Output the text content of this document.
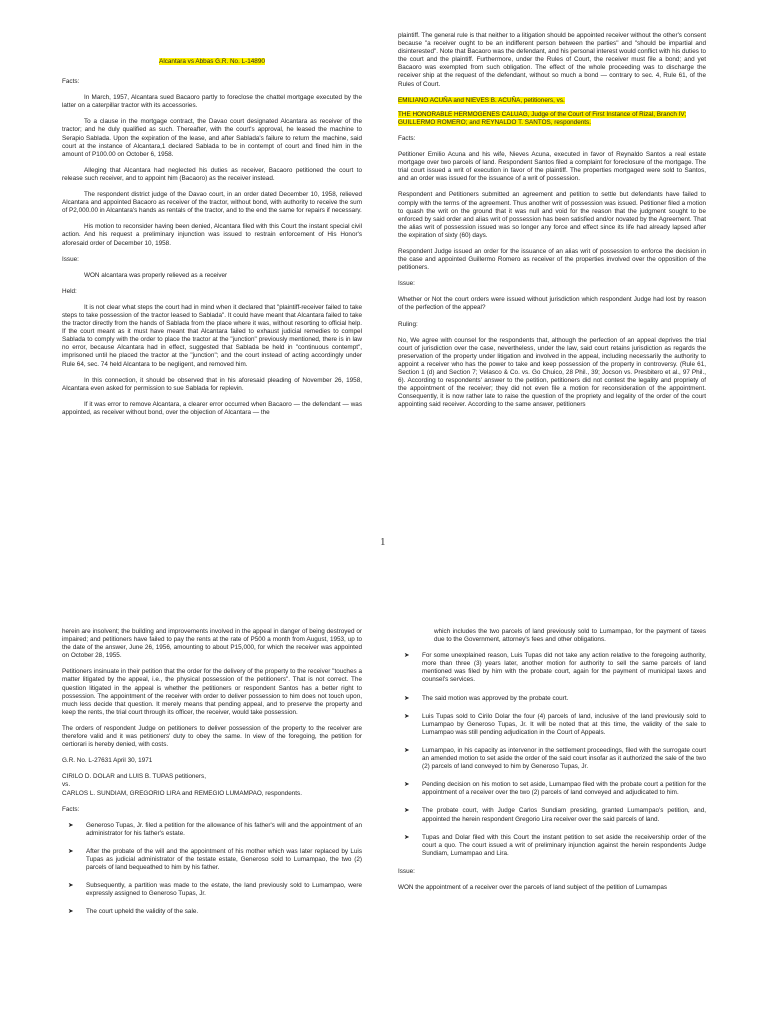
Alcantara vs Abbas G.R. No. L-14890
Facts:

In March, 1957, Alcantara sued Bacaoro partly to foreclose the chattel mortgage executed by the latter on a caterpillar tractor with its accessories.

To a clause in the mortgage contract, the Davao court designated Alcantara as receiver of the tractor; and he duly qualified as such. Thereafter, with the court's approval, he leased the machine to Serapio Sablada. Upon the expiration of the lease, and after Sablada's failure to return the machine, said court at the instance of Alcantara,1 declared Sablada to be in contempt of court and fined him in the amount of P100.00 on October 6, 1958.

Alleging that Alcantara had neglected his duties as receiver, Bacaoro petitioned the court to release such receiver, and to appoint him (Bacaoro) as the receiver instead.

The respondent district judge of the Davao court, in an order dated December 10, 1958, relieved Alcantara and appointed Bacaoro as receiver of the tractor, without bond, with authority to receive the sum of P2,000.00 in Alcantara's hands as rentals of the tractor, and to the end the same for repairs if necessary.

His motion to reconsider having been denied, Alcantara filed with this Court the instant special civil action. And his request a preliminary injunction was issued to restrain enforcement of His Honor's aforesaid order of December 10, 1958.

Issue:

WON alcantara was properly relieved as a receiver

Held:

It is not clear what steps the court had in mind when it declared that "plaintiff-receiver failed to take steps to take possession of the tractor leased to Sablada". It could have meant that Alcantara failed to take the tractor directly from the hands of Sablada from the place where it was, without resorting to official help. If the court meant as it must have meant that Alcantara failed to exhaust judicial remedies to compel Sablada to comply with the order to place the tractor at the "junction" previously mentioned, there is in law no error, because Alcantara had in effect, suggested that Sablada be held in "continuous contempt", imprisoned until he placed the tractor at the "junction"; and the court instead of acting accordingly under Rule 64, sec. 74 held Alcantara to be negligent, and removed him.

In this connection, it should be observed that in his aforesaid pleading of November 26, 1958, Alcantara even asked for permission to sue Sablada for replevin.

If it was error to remove Alcantara, a clearer error occurred when Bacaoro — the defendant — was appointed, as receiver without bond, over the objection of Alcantara — the

plaintiff. The general rule is that neither to a litigation should be appointed receiver without the other's consent because "a receiver ought to be an indifferent person between the parties" and "should be impartial and disinterested". Note that Bacaoro was the defendant, and his personal interest would conflict with his duties to the court and the plaintiff. Furthermore, under the Rules of Court, the receiver must file a bond; and yet Bacaoro was exempted from such obligation. The effect of the whole proceeding was to discharge the receiver ship at the request of the defendant, without so much a bond — contrary to sec. 4, Rule 61, of the Rules of Court.

EMILIANO ACUÑA and NIEVES B. ACUÑA, petitioners, vs.

THE HONORABLE HERMOGENES CALUAG, Judge of the Court of First Instance of Rizal, Branch IV; GUILLERMO ROMERO; and REYNALDO T. SANTOS, respondents.

Facts:

Petitioner Emilio Acuna and his wife, Nieves Acuna, executed in favor of Reynaldo Santos a real estate mortgage over two parcels of land. Respondent Santos filed a complaint for foreclosure of the mortgage. The trial court issued a writ of execution in favor of the plaintiff. The properties mortgaged were sold to Santos, and an order was issued for the issuance of a writ of possession.

Respondent and Petitioners submitted an agreement and petition to settle but defendants have failed to comply with the terms of the agreement. Thus another writ of possession was issued. Petitioner filed a motion to quash the writ on the ground that it was null and void for the reason that the judgment sought to be enforced by said order and alias writ of possession has been satisfied and/or novated by the Agreement. That the alias writ of possession issued was so longer any force and effect since its life had already lapsed after the expiration of sixty (60) days.

Respondent Judge issued an order for the issuance of an alias writ of possession to enforce the decision in the case and appointed Guillermo Romero as receiver of the properties involved over the opposition of the petitioners.

Issue:

Whether or Not the court orders were issued without jurisdiction which respondent Judge had lost by reason of the perfection of the appeal?

Ruling:

No, We agree with counsel for the respondents that, although the perfection of an appeal deprives the trial court of jurisdiction over the case, nevertheless, under the law, said court retains jurisdiction as regards the preservation of the property under litigation and involved in the appeal, including necessarily the authority to appoint a receiver who has the power to take and keep possession of the property in controversy. (Rule 61, Section 1 (d) and Section 7; Velasco & Co. vs. Go Chuico, 28 Phil., 39; Jocson vs. Presbitero et al., 97 Phil., 6). According to respondents' answer to the petition, petitioners did not contest the legality and propriety of the appointment of the receiver; they did not even file a motion for reconsideration of the appointment. Consequently, it is now rather late to raise the question of the propriety and legality of the order of the court appointing said receiver. According to the same answer, petitioners

1

herein are insolvent; the building and improvements involved in the appeal in danger of being destroyed or impaired; and petitioners have failed to pay the rents at the rate of P500 a month from August, 1953, up to the date of the answer, June 26, 1956, amounting to about P15,000, for which the receiver was appointed on October 28, 1955.

Petitioners insinuate in their petition that the order for the delivery of the property to the receiver "touches a matter litigated by the appeal, i.e., the physical possession of the petitioners". That is not correct. The question litigated in the appeal is whether the petitioners or respondent Santos has a better right to possession. The appointment of the receiver with order to deliver possession to him does not touch upon, much less decide that question. It merely means that pending appeal, and to preserve the property and keep the rents, the trial court through its officer, the receiver, would take possession.

The orders of respondent Judge on petitioners to deliver possession of the property to the receiver are therefore valid and it was petitioners' duty to obey the same. In view of the foregoing, the petition for certiorari is hereby denied, with costs.

G.R. No. L-27631 April 30, 1971
CIRILO D. DOLAR and LUIS B. TUPAS petitioners,
vs.
CARLOS L. SUNDIAM, GREGORIO LIRA and REMEGIO LUMAMPAO, respondents.
Facts:
➤	Generoso Tupas, Jr. filed a petition for the allowance of his father's will and the appointment of an administrator for his father's estate.
➤	After the probate of the will and the appointment of his mother which was later replaced by Luis Tupas as judicial administrator of the testate estate, Generoso sold to Lumampao, the two (2) parcels of land bequeathed to him by his father.
➤	Subsequently, a partition was made to the estate, the land previously sold to Lumampao, were expressly assigned to Generoso Tupas, Jr.
➤	The court upheld the validity of the sale.

which includes the two parcels of land previously sold to Lumampao, for the payment of taxes due to the Government, attorney's fees and other obligations.

➤	For some unexplained reason, Luis Tupas did not take any action relative to the foregoing authority, more than three (3) years later, another motion for authority to sell the same parcels of land mentioned was filed by him with the probate court, again for the payment of municipal taxes and counsel's services.
➤	The said motion was approved by the probate court.
➤	Luis Tupas sold to Cirilo Dolar the four (4) parcels of land, inclusive of the land previously sold to Lumampao by Generoso Tupas, Jr. It will be noted that at this time, the validity of the sale to Lumampao was still pending adjudication in the Court of Appeals.
➤	Lumampao, in his capacity as intervenor in the settlement proceedings, filed with the surrogate court an amended motion to set aside the order of the said court insofar as it authorized the sale of the two (2) parcels of land conveyed to him by Generoso Tupas, Jr.
➤	Pending decision on his motion to set aside, Lumampao filed with the probate court a petition for the appointment of a receiver over the two (2) parcels of land conveyed and adjudicated to him.
➤	The probate court, with Judge Carlos Sundiam presiding, granted Lumampao's petition, and, appointed the herein respondent Gregorio Lira receiver over the said parcels of land.
➤	Tupas and Dolar filed with this Court the instant petition to set aside the receivership order of the court a quo. The court issued a writ of preliminary injunction against the herein respondents Judge Sundiam, Lumampao and Lira.
Issue:

WON the appointment of a receiver over the parcels of land subject of the petition of Lumampas
